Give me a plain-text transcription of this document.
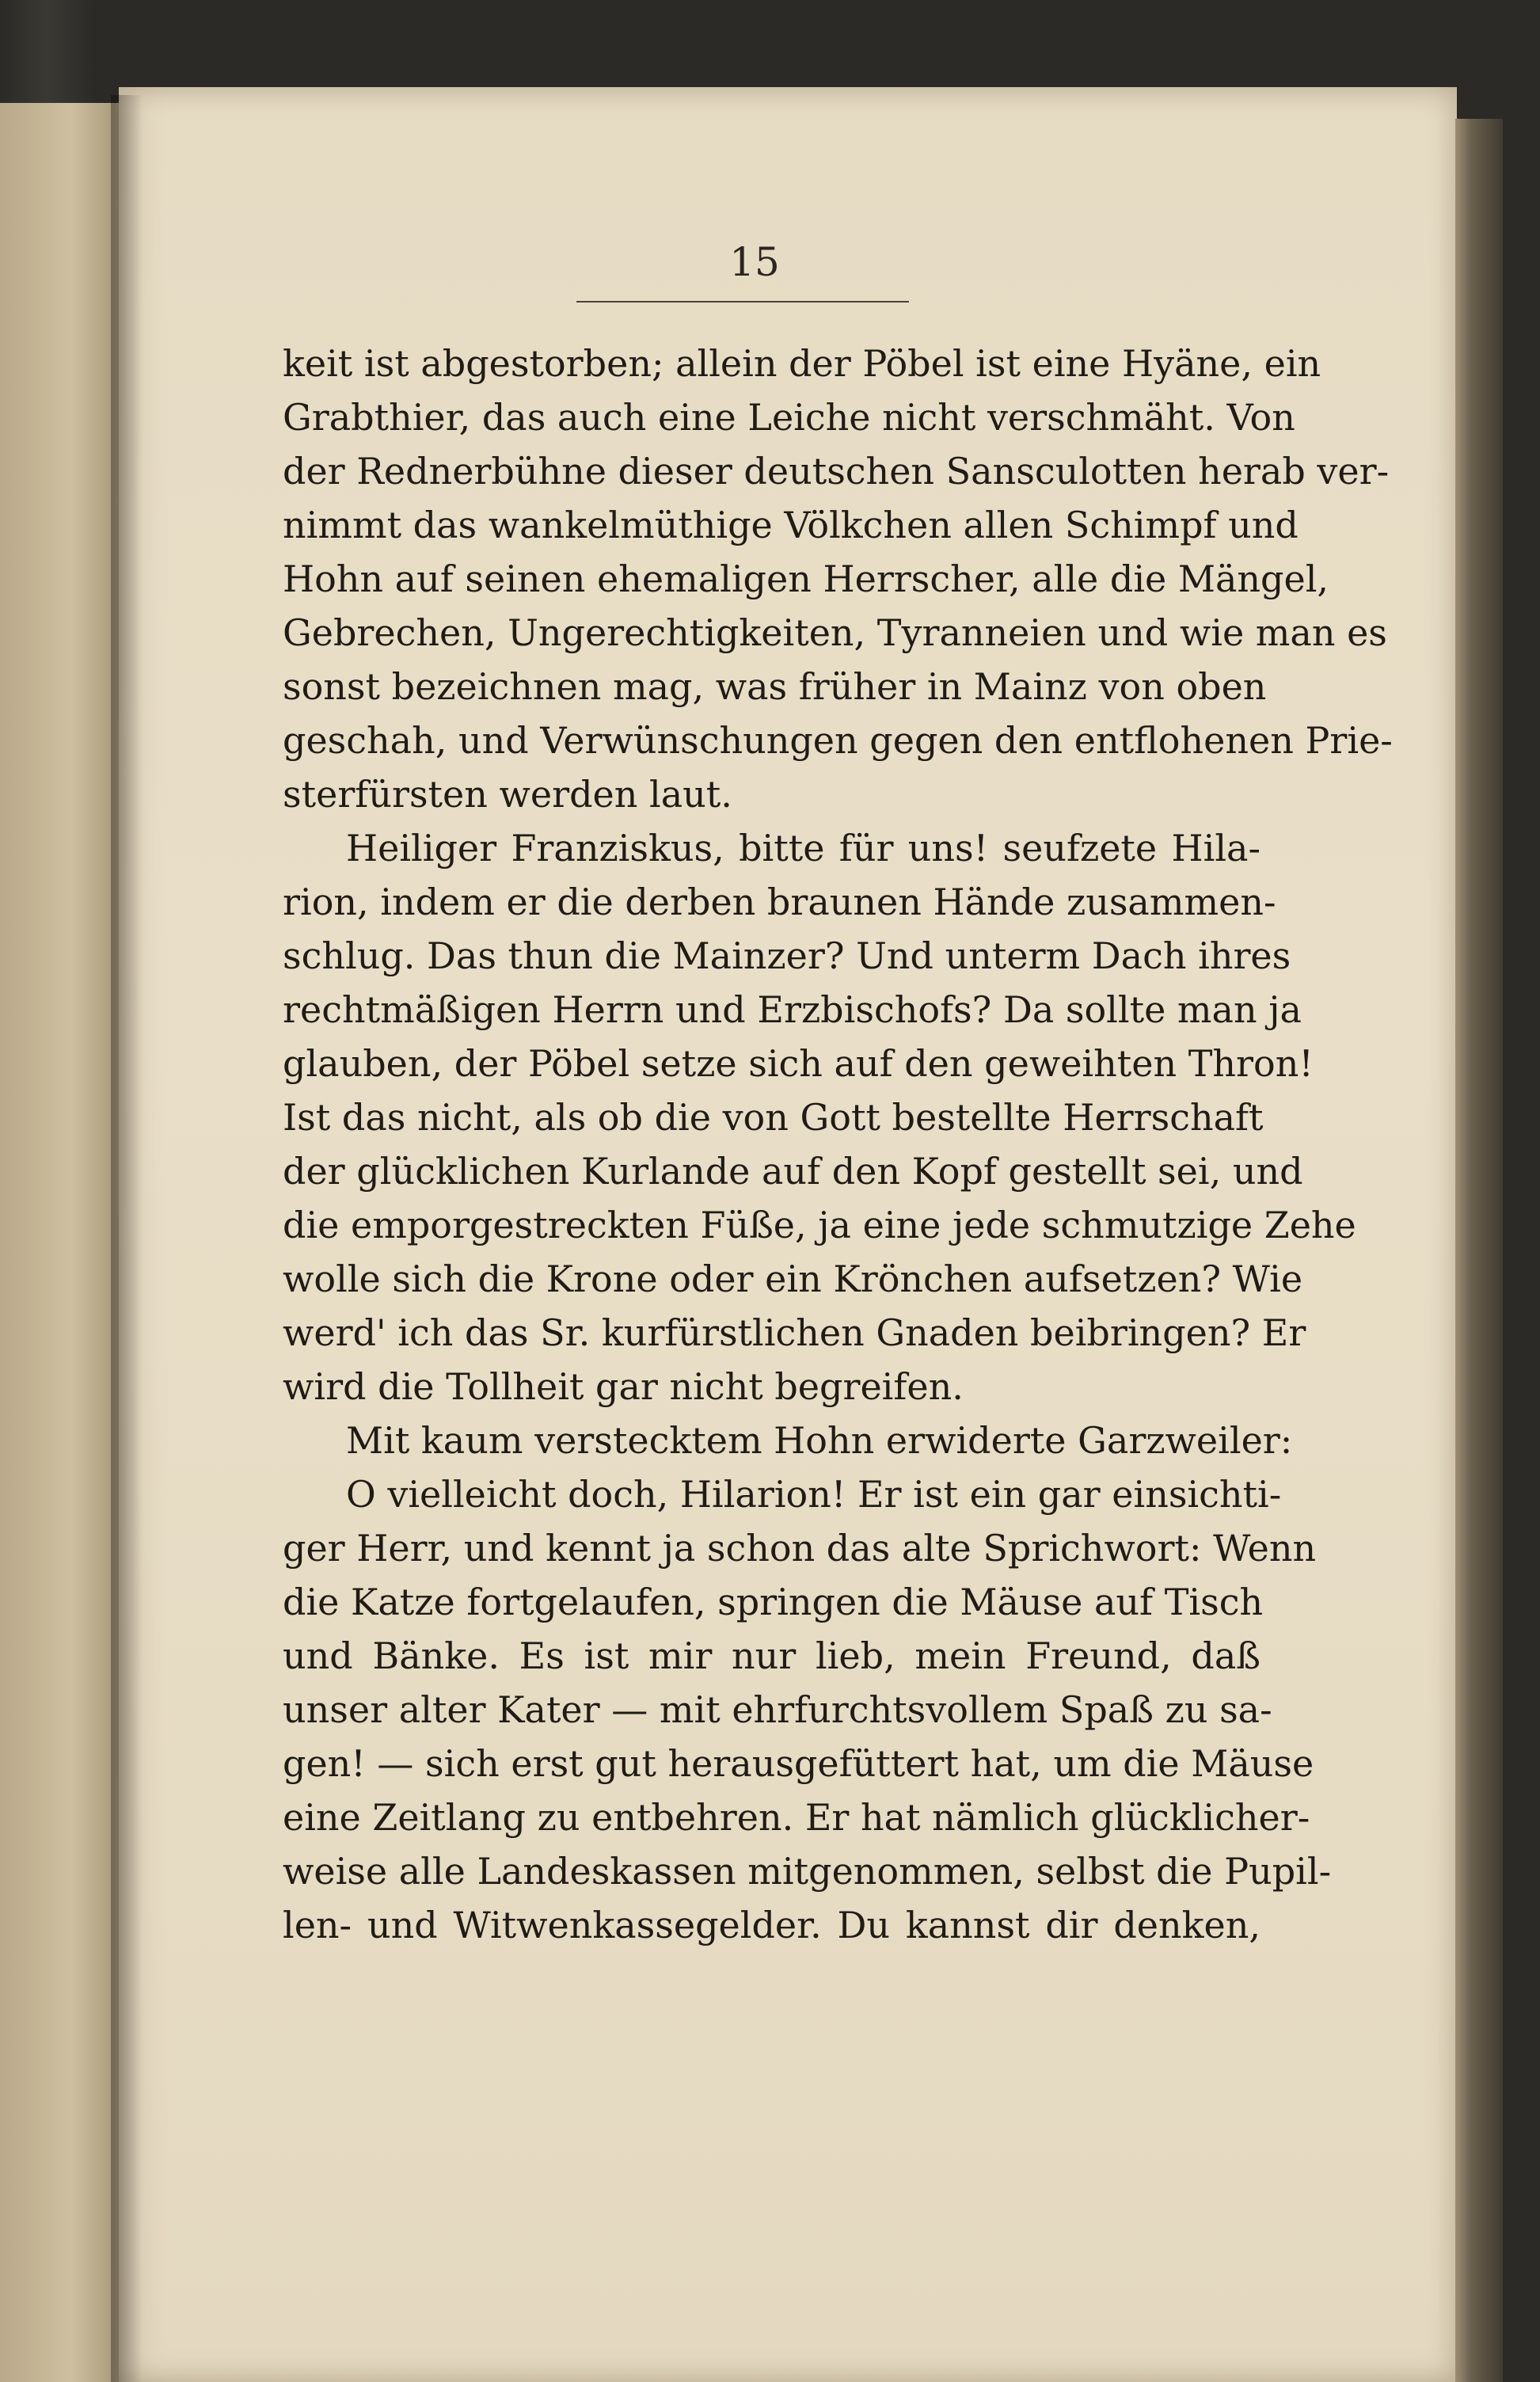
15
keit ist abgestorben; allein der Pöbel ist eine Hyäne, ein
Grabthier, das auch eine Leiche nicht verschmäht. Von
der Rednerbühne dieser deutschen Sansculotten herab ver-
nimmt das wankelmüthige Völkchen allen Schimpf und
Hohn auf seinen ehemaligen Herrscher, alle die Mängel,
Gebrechen, Ungerechtigkeiten, Tyranneien und wie man es
sonst bezeichnen mag, was früher in Mainz von oben
geschah, und Verwünschungen gegen den entflohenen Prie-
sterfürsten werden laut.
Heiliger Franziskus, bitte für uns! seufzete Hila-
rion, indem er die derben braunen Hände zusammen-
schlug. Das thun die Mainzer? Und unterm Dach ihres
rechtmäßigen Herrn und Erzbischofs? Da sollte man ja
glauben, der Pöbel setze sich auf den geweihten Thron!
Ist das nicht, als ob die von Gott bestellte Herrschaft
der glücklichen Kurlande auf den Kopf gestellt sei, und
die emporgestreckten Füße, ja eine jede schmutzige Zehe
wolle sich die Krone oder ein Krönchen aufsetzen? Wie
werd' ich das Sr. kurfürstlichen Gnaden beibringen? Er
wird die Tollheit gar nicht begreifen.
Mit kaum verstecktem Hohn erwiderte Garzweiler:
O vielleicht doch, Hilarion! Er ist ein gar einsichti-
ger Herr, und kennt ja schon das alte Sprichwort: Wenn
die Katze fortgelaufen, springen die Mäuse auf Tisch
und Bänke. Es ist mir nur lieb, mein Freund, daß
unser alter Kater — mit ehrfurchtsvollem Spaß zu sa-
gen! — sich erst gut herausgefüttert hat, um die Mäuse
eine Zeitlang zu entbehren. Er hat nämlich glücklicher-
weise alle Landeskassen mitgenommen, selbst die Pupil-
len- und Witwenkassegelder. Du kannst dir denken,
